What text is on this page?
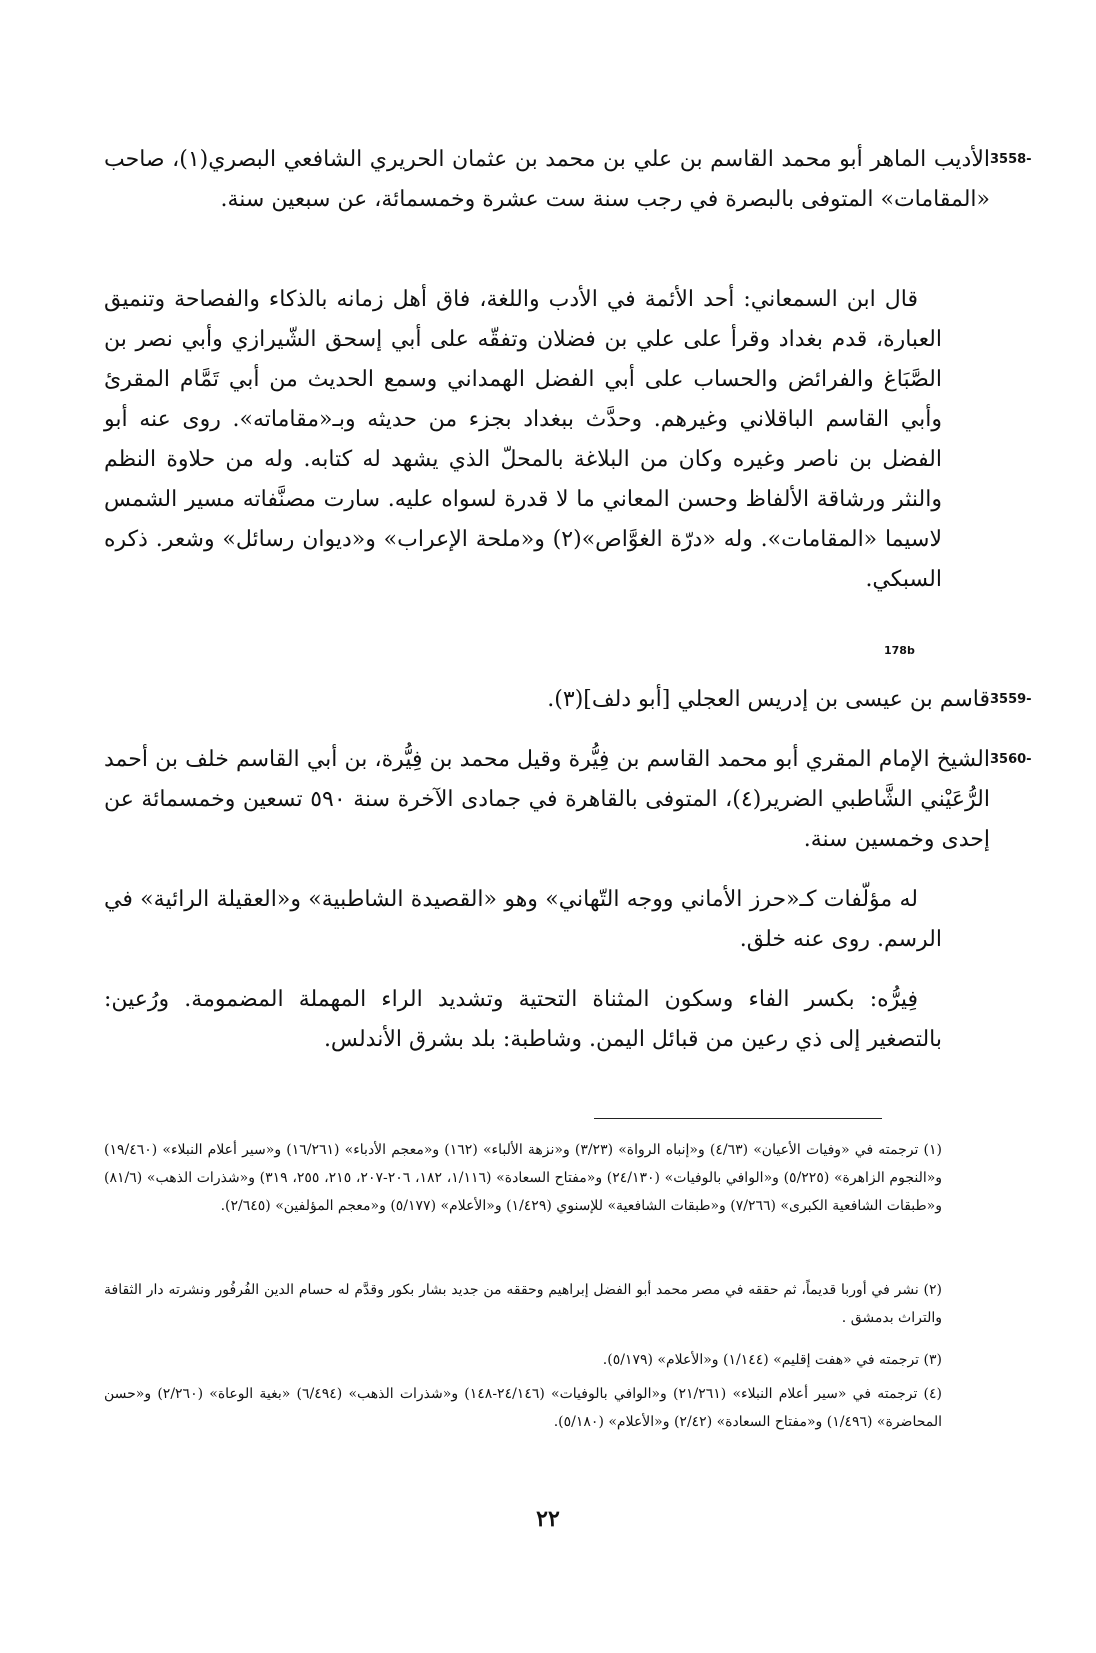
3558-
الأديب الماهر أبو محمد القاسم بن علي بن محمد بن عثمان الحريري الشافعي البصري(١)، صاحب «المقامات» المتوفى بالبصرة في رجب سنة ست عشرة وخمسمائة، عن سبعين سنة.
قال ابن السمعاني: أحد الأئمة في الأدب واللغة، فاق أهل زمانه بالذكاء والفصاحة وتنميق العبارة، قدم بغداد وقرأ على علي بن فضلان وتفقّه على أبي إسحق الشّيرازي وأبي نصر بن الصَّبَاغ والفرائض والحساب على أبي الفضل الهمداني وسمع الحديث من أبي تَمَّام المقرئ وأبي القاسم الباقلاني وغيرهم. وحدَّث ببغداد بجزء من حديثه وبـ«مقاماته». روى عنه أبو الفضل بن ناصر وغيره وكان من البلاغة بالمحلّ الذي يشهد له كتابه. وله من حلاوة النظم والنثر ورشاقة الألفاظ وحسن المعاني ما لا قدرة لسواه عليه. سارت مصنَّفاته مسير الشمس لاسيما «المقامات». وله «درّة الغوَّاص»(٢) و«ملحة الإعراب» و«ديوان رسائل» وشعر. ذكره السبكي.
178b
3559-
قاسم بن عيسى بن إدريس العجلي [أبو دلف](٣).
3560-
الشيخ الإمام المقري أبو محمد القاسم بن فِيُّرة وقيل محمد بن فِيُّرة، بن أبي القاسم خلف بن أحمد الرُّعَيْني الشَّاطبي الضرير(٤)، المتوفى بالقاهرة في جمادى الآخرة سنة ٥٩٠ تسعين وخمسمائة عن إحدى وخمسين سنة.
له مؤلّفات كـ«حرز الأماني ووجه التّهاني» وهو «القصيدة الشاطبية» و«العقيلة الرائية» في الرسم. روى عنه خلق.
فِيرُّه: بكسر الفاء وسكون المثناة التحتية وتشديد الراء المهملة المضمومة. ورُعين: بالتصغير إلى ذي رعين من قبائل اليمن. وشاطبة: بلد بشرق الأندلس.
(١) ترجمته في «وفيات الأعيان» (٤/٦٣) و«إنباه الرواة» (٣/٢٣) و«نزهة الألباء» (١٦٢) و«معجم الأدباء» (١٦/٢٦١) و«سير أعلام النبلاء» (١٩/٤٦٠) و«النجوم الزاهرة» (٥/٢٢٥) و«الوافي بالوفيات» (٢٤/١٣٠) و«مفتاح السعادة» (١/١١٦، ١٨٢، ٢٠٦-٢٠٧، ٢١٥، ٢٥٥، ٣١٩) و«شذرات الذهب» (٨١/٦) و«طبقات الشافعية الكبرى» (٧/٢٦٦) و«طبقات الشافعية» للإسنوي (١/٤٢٩) و«الأعلام» (٥/١٧٧) و«معجم المؤلفين» (٢/٦٤٥).
(٢) نشر في أوربا قديماً، ثم حققه في مصر محمد أبو الفضل إبراهيم وحققه من جديد بشار بكور وقدَّم له حسام الدين الفُرفُور ونشرته دار الثقافة والتراث بدمشق .
(٣) ترجمته في «هفت إقليم» (١/١٤٤) و«الأعلام» (٥/١٧٩).
(٤) ترجمته في «سير أعلام النبلاء» (٢١/٢٦١) و«الوافي بالوفيات» (٢٤/١٤٦-١٤٨) و«شذرات الذهب» (٦/٤٩٤) «بغية الوعاة» (٢/٢٦٠) و«حسن المحاضرة» (١/٤٩٦) و«مفتاح السعادة» (٢/٤٢) و«الأعلام» (٥/١٨٠).
٢٢
